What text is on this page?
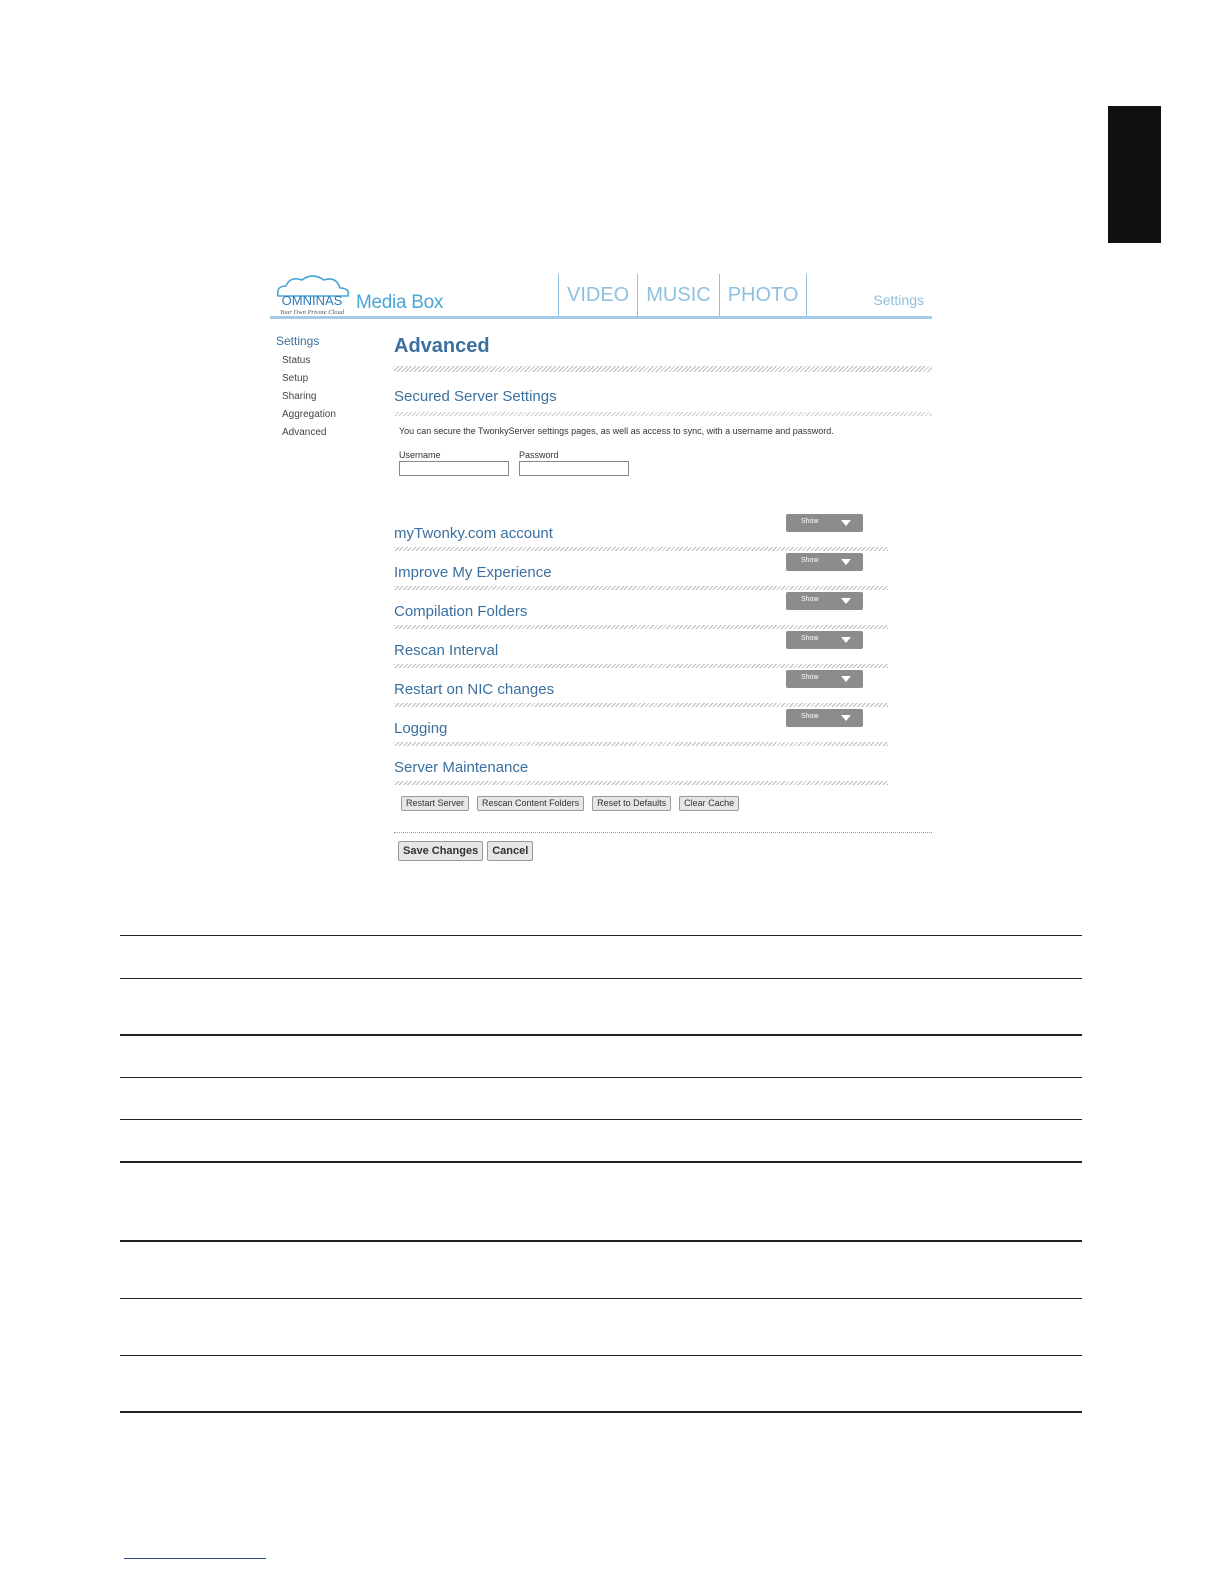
OMNINAS
Your Own Private Cloud Media Box	VIDEO MUSIC PHOTO	Settings
Settings
Status
Setup
Sharing
Aggregation
Advanced
Advanced
Secured Server Settings
You can secure the TwonkyServer settings pages, as well as access to sync, with a username and password.
Username	Password
myTwonky.com account
Show
Improve My Experience
Show
Compilation Folders
Show
Rescan Interval
Show
Restart on NIC changes
Show
Logging
Show
Server Maintenance
Restart Server	Rescan Content Folders	Reset to Defaults	Clear Cache
Save Changes	Cancel
